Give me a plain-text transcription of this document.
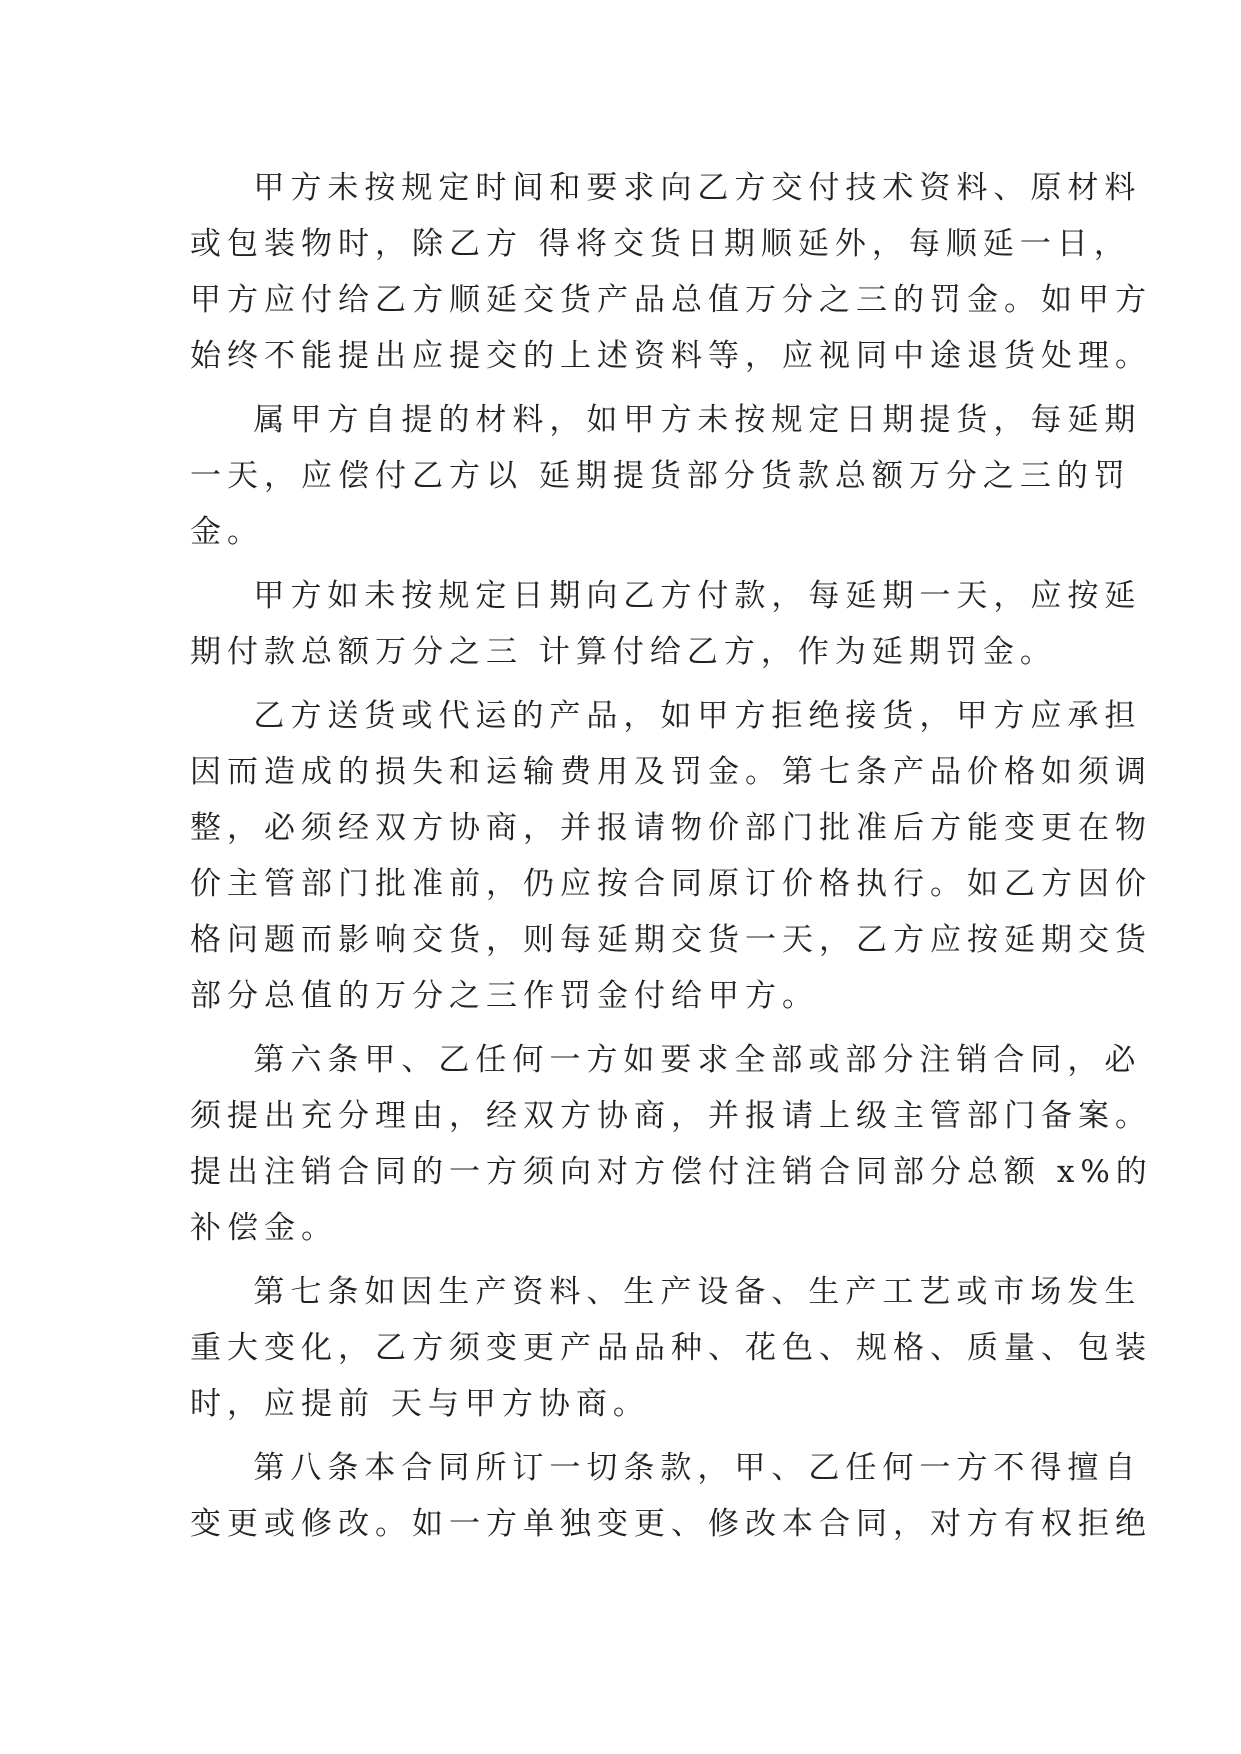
甲方未按规定时间和要求向乙方交付技术资料、原材料
或包装物时，除乙方 得将交货日期顺延外，每顺延一日，
甲方应付给乙方顺延交货产品总值万分之三的罚金。如甲方
始终不能提出应提交的上述资料等，应视同中途退货处理。

属甲方自提的材料，如甲方未按规定日期提货，每延期
一天，应偿付乙方以 延期提货部分货款总额万分之三的罚
金。

甲方如未按规定日期向乙方付款，每延期一天，应按延
期付款总额万分之三 计算付给乙方，作为延期罚金。

乙方送货或代运的产品，如甲方拒绝接货，甲方应承担
因而造成的损失和运输费用及罚金。第七条产品价格如须调
整，必须经双方协商，并报请物价部门批准后方能变更在物
价主管部门批准前，仍应按合同原订价格执行。如乙方因价
格问题而影响交货，则每延期交货一天，乙方应按延期交货
部分总值的万分之三作罚金付给甲方。

第六条甲、乙任何一方如要求全部或部分注销合同，必
须提出充分理由，经双方协商，并报请上级主管部门备案。
提出注销合同的一方须向对方偿付注销合同部分总额 x%的
补偿金。

第七条如因生产资料、生产设备、生产工艺或市场发生
重大变化，乙方须变更产品品种、花色、规格、质量、包装
时，应提前 天与甲方协商。

第八条本合同所订一切条款，甲、乙任何一方不得擅自
变更或修改。如一方单独变更、修改本合同，对方有权拒绝
